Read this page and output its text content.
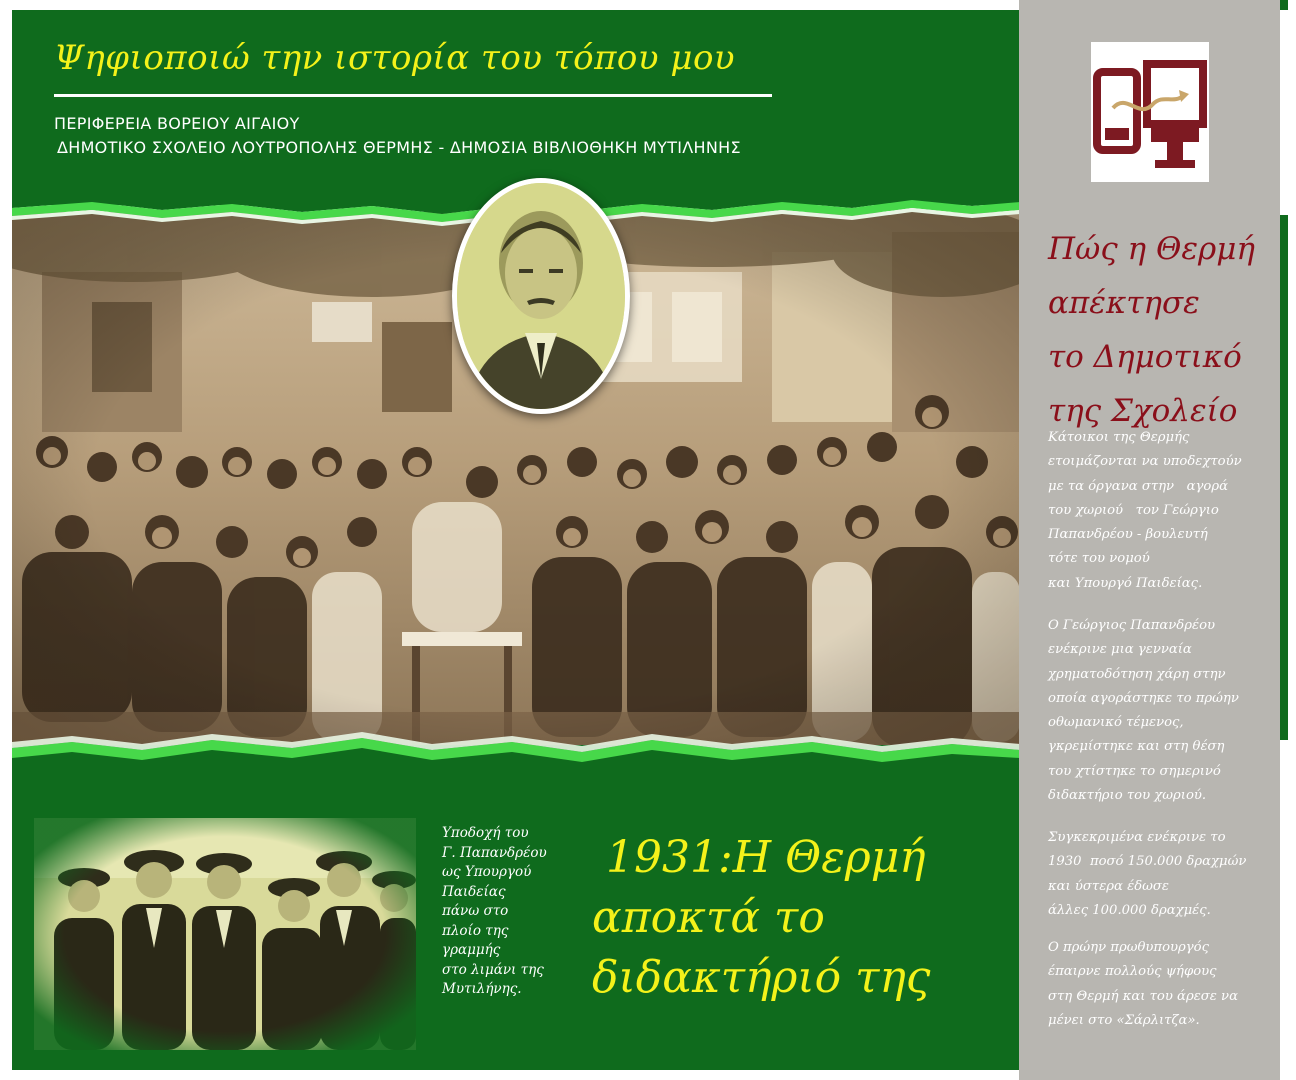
Ψηφιοποιώ την ιστορία του τόπου μου
ΠΕΡΙΦΕΡΕΙΑ ΒΟΡΕΙΟΥ ΑΙΓΑΙΟΥ
ΔΗΜΟΤΙΚΟ ΣΧΟΛΕΙΟ ΛΟΥΤΡΟΠΟΛΗΣ ΘΕΡΜΗΣ - ΔΗΜΟΣΙΑ ΒΙΒΛΙΟΘΗΚΗ ΜΥΤΙΛΗΝΗΣ
Υποδοχή του
Γ. Παπανδρέου
ως Υπουργού
Παιδείας
πάνω στο
πλοίο της
γραμμής
στο λιμάνι της
Μυτιλήνης.
1931:Η Θερμή
αποκτά το
διδακτήριό της
Πώς η Θερμή
απέκτησε
το Δημοτικό
της Σχολείο
Κάτοικοι της Θερμής
ετοιμάζονται να υποδεχτούν
με τα όργανα στην   αγορά
του χωριού   τον Γεώργιο
Παπανδρέου - βουλευτή
τότε του νομού
και Υπουργό Παιδείας.
Ο Γεώργιος Παπανδρέου
ενέκρινε μια γενναία
χρηματοδότηση χάρη στην
οποία αγοράστηκε το πρώην
οθωμανικό τέμενος,
γκρεμίστηκε και στη θέση
του χτίστηκε το σημερινό
διδακτήριο του χωριού.
Συγκεκριμένα ενέκρινε το
1930  ποσό 150.000 δραχμών
και ύστερα έδωσε
άλλες 100.000 δραχμές.
Ο πρώην πρωθυπουργός
έπαιρνε πολλούς ψήφους
στη Θερμή και του άρεσε να
μένει στο «Σάρλιτζα».
